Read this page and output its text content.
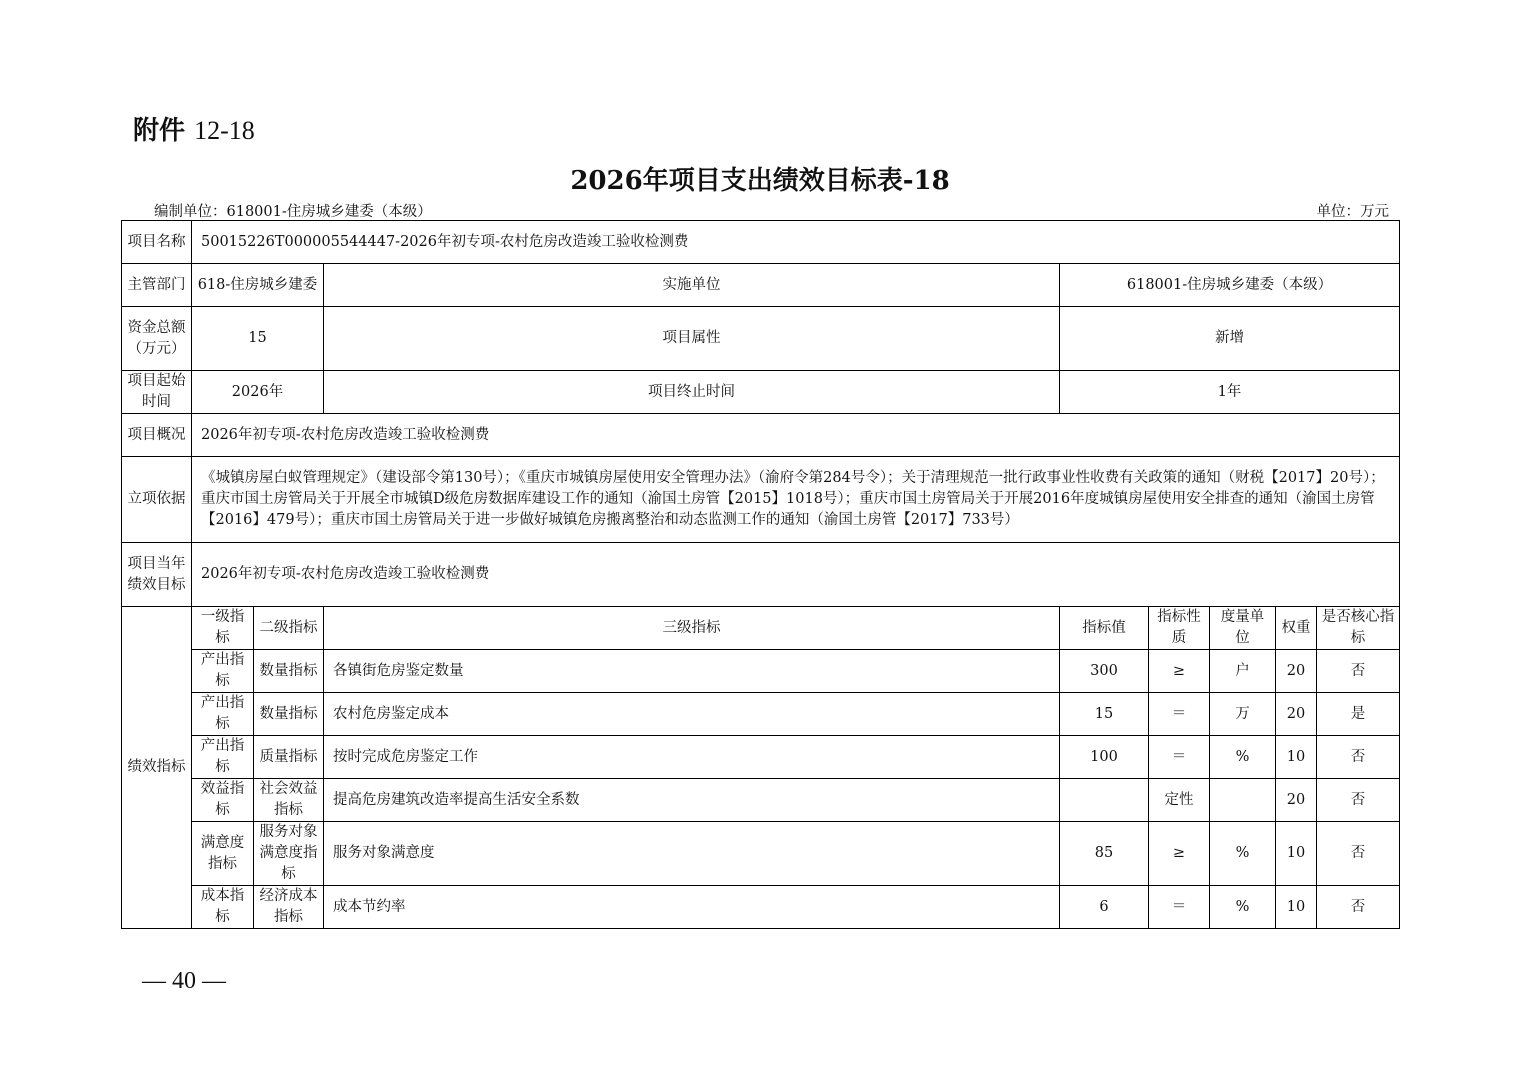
附件 12-18
2026年项目支出绩效目标表-18
编制单位：618001-住房城乡建委（本级）	单位：万元
项目名称	50015226T000005544447-2026年初专项-农村危房改造竣工验收检测费							
主管部门	618-住房城乡建委		实施单位	618001-住房城乡建委（本级）				
资金总额（万元）	15		项目属性	新增				
项目起始时间	2026年		项目终止时间	1年				
项目概况	2026年初专项-农村危房改造竣工验收检测费							
立项依据	《城镇房屋白蚁管理规定》（建设部令第130号）；《重庆市城镇房屋使用安全管理办法》（渝府令第284号令）；关于清理规范一批行政事业性收费有关政策的通知（财税【2017】20号）；重庆市国土房管局关于开展全市城镇D级危房数据库建设工作的通知（渝国土房管【2015】1018号）；重庆市国土房管局关于开展2016年度城镇房屋使用安全排查的通知（渝国土房管【2016】479号）；重庆市国土房管局关于进一步做好城镇危房搬离整治和动态监测工作的通知（渝国土房管【2017】733号）							
项目当年绩效目标	2026年初专项-农村危房改造竣工验收检测费							
绩效指标	一级指标	二级指标	三级指标	指标值	指标性质	度量单位	权重	是否核心指标
	产出指标	数量指标	各镇街危房鉴定数量	300	≥	户	20	否
	产出指标	数量指标	农村危房鉴定成本	15	＝	万	20	是
	产出指标	质量指标	按时完成危房鉴定工作	100	＝	%	10	否
	效益指标	社会效益指标	提高危房建筑改造率提高生活安全系数		定性		20	否
	满意度指标	服务对象满意度指标	服务对象满意度	85	≥	%	10	否
	成本指标	经济成本指标	成本节约率	6	＝	%	10	否
— 40 —
